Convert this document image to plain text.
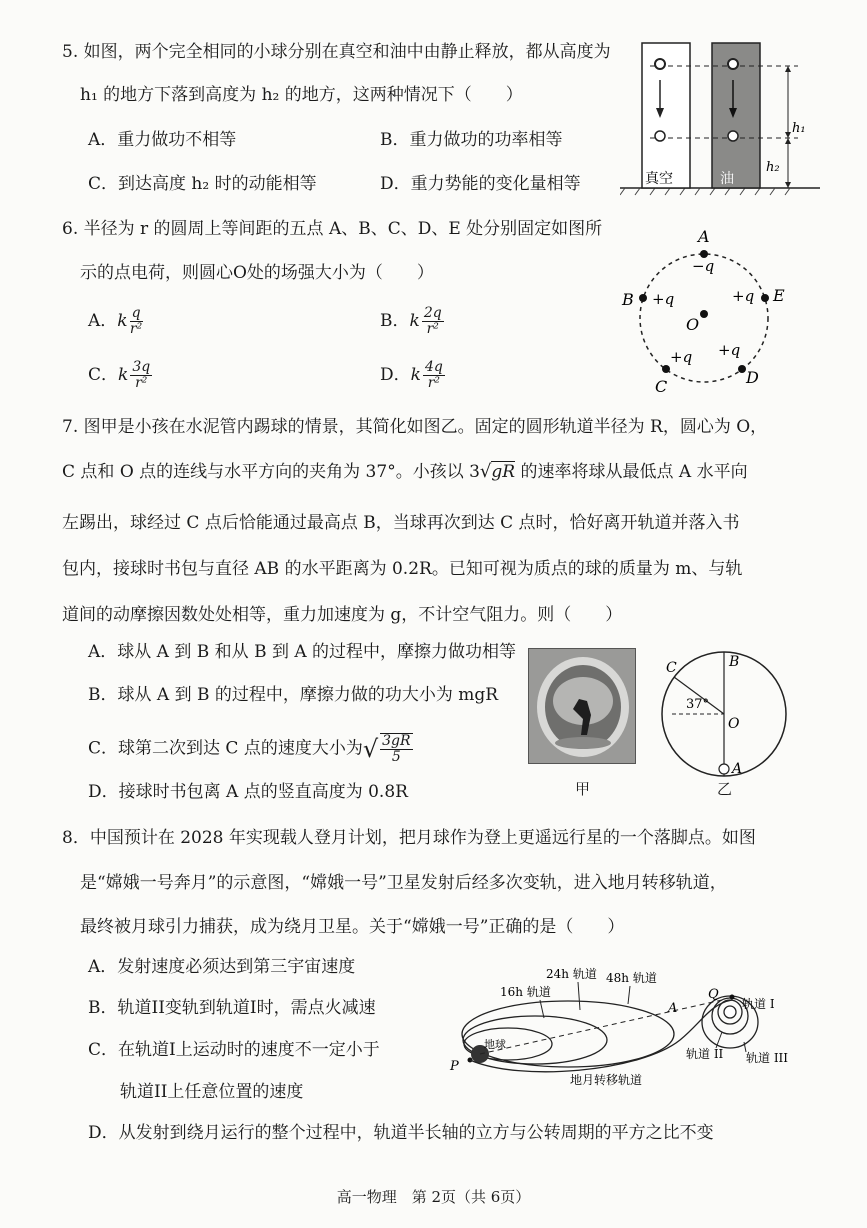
5. 如图，两个完全相同的小球分别在真空和油中由静止释放，都从高度为
h₁ 的地方下落到高度为 h₂ 的地方，这两种情况下（　　）
A．重力做功不相等	B．重力做功的功率相等
C．到达高度 h₂ 时的动能相等	D．重力势能的变化量相等
h₁
h₂
真空	油
6. 半径为 r 的圆周上等间距的五点 A、B、C、D、E 处分别固定如图所
示的点电荷，则圆心O处的场强大小为（　　）
A．k $\frac{q}{\text{r²}}$	B．k $\frac{2q}{\text{r²}}$
C．k $\frac{3q}{\text{r²}}$	D．k $\frac{4q}{\text{r²}}$
A
−q
B +q	+q E
O
+q +q
C	D
7. 图甲是小孩在水泥管内踢球的情景，其简化如图乙。固定的圆形轨道半径为 R，圆心为 O，
C 点和 O 点的连线与水平方向的夹角为 37°。小孩以 3√gR 的速率将球从最低点 A 水平向
左踢出，球经过 C 点后恰能通过最高点 B，当球再次到达 C 点时，恰好离开轨道并落入书
包内，接球时书包与直径 AB 的水平距离为 0.2R。已知可视为质点的球的质量为 m、与轨
道间的动摩擦因数处处相等，重力加速度为 g，不计空气阻力。则（　　）
A．球从 A 到 B 和从 B 到 A 的过程中，摩擦力做功相等
B．球从 A 到 B 的过程中，摩擦力做的功大小为 mgR
C．球第二次到达 C 点的速度大小为√ $\frac{3gR}{5}$
D．接球时书包离 A 点的竖直高度为 0.8R	甲
C	B
37°
O
A
乙
8．中国预计在 2028 年实现载人登月计划，把月球作为登上更遥远行星的一个落脚点。如图
是“嫦娥一号奔月”的示意图，“嫦娥一号”卫星发射后经多次变轨，进入地月转移轨道，
最终被月球引力捕获，成为绕月卫星。关于“嫦娥一号”正确的是（　　）
A．发射速度必须达到第三宇宙速度
B．轨道II变轨到轨道I时，需点火减速
C．在轨道I上运动时的速度不一定小于
轨道II上任意位置的速度
D．从发射到绕月运行的整个过程中，轨道半长轴的立方与公转周期的平方之比不变
地球
P
A
Q
16h 轨道
24h 轨道 48h 轨道
地月转移轨道
轨道 I
轨道 II 轨道 III
高一物理　第 2页（共 6页）
